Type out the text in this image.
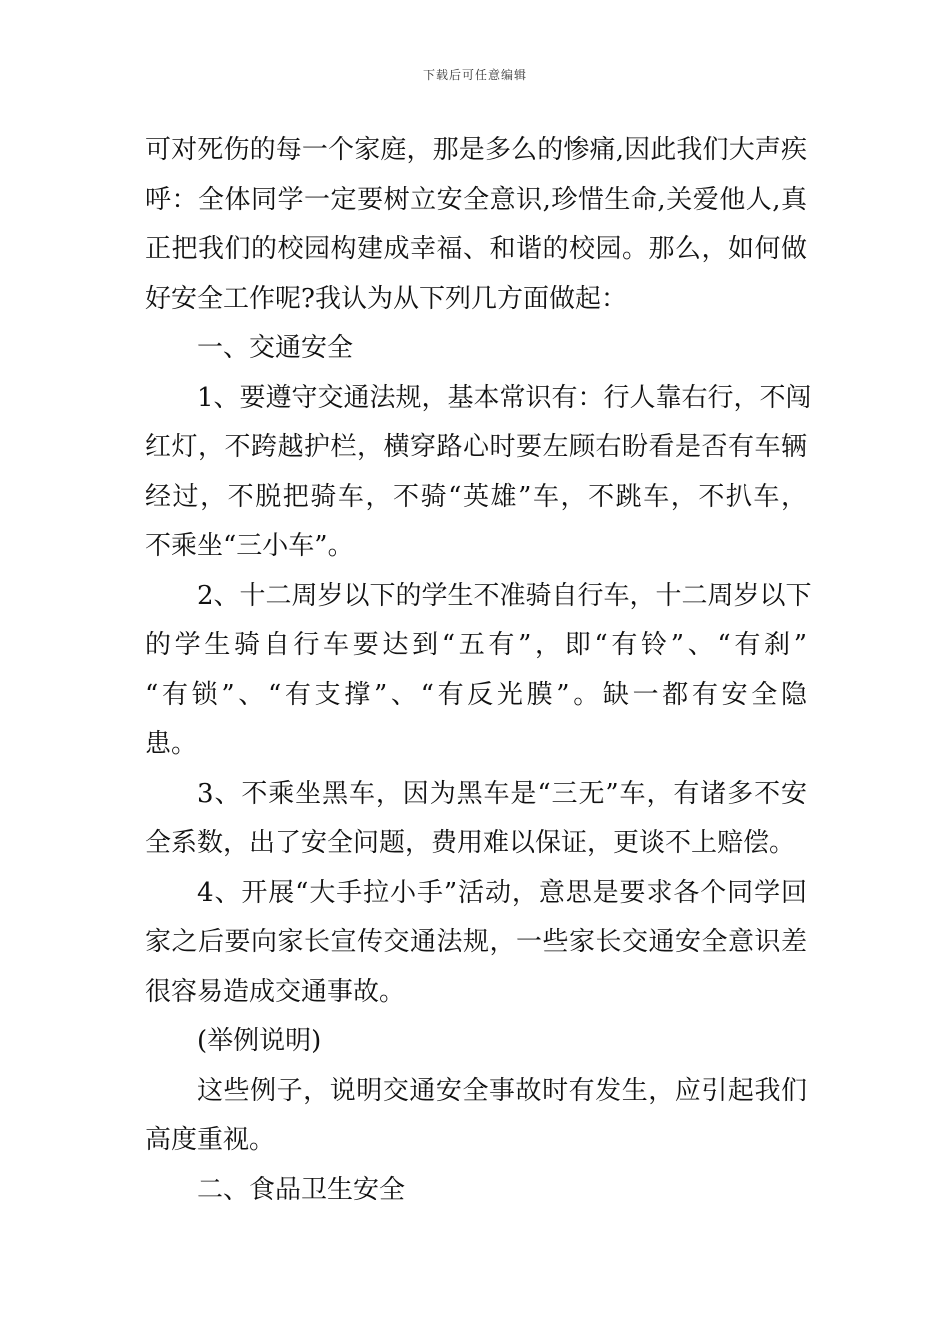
下载后可任意编辑
可对死伤的每一个家庭，那是多么的惨痛,因此我们大声疾
呼：全体同学一定要树立安全意识,珍惜生命,关爱他人,真
正把我们的校园构建成幸福、和谐的校园。那么，如何做
好安全工作呢?我认为从下列几方面做起：
一、交通安全
1、要遵守交通法规，基本常识有：行人靠右行，不闯
红灯，不跨越护栏，横穿路心时要左顾右盼看是否有车辆
经过，不脱把骑车，不骑“英雄”车，不跳车，不扒车，
不乘坐“三小车”。
2、十二周岁以下的学生不准骑自行车，十二周岁以下
的学生骑自行车要达到“五有”，即“有铃”、“有刹”
“有锁”、“有支撑”、“有反光膜”。缺一都有安全隐
患。
3、不乘坐黑车，因为黑车是“三无”车，有诸多不安
全系数，出了安全问题，费用难以保证，更谈不上赔偿。
4、开展“大手拉小手”活动，意思是要求各个同学回
家之后要向家长宣传交通法规，一些家长交通安全意识差
很容易造成交通事故。
(举例说明)
这些例子，说明交通安全事故时有发生，应引起我们
高度重视。
二、食品卫生安全
